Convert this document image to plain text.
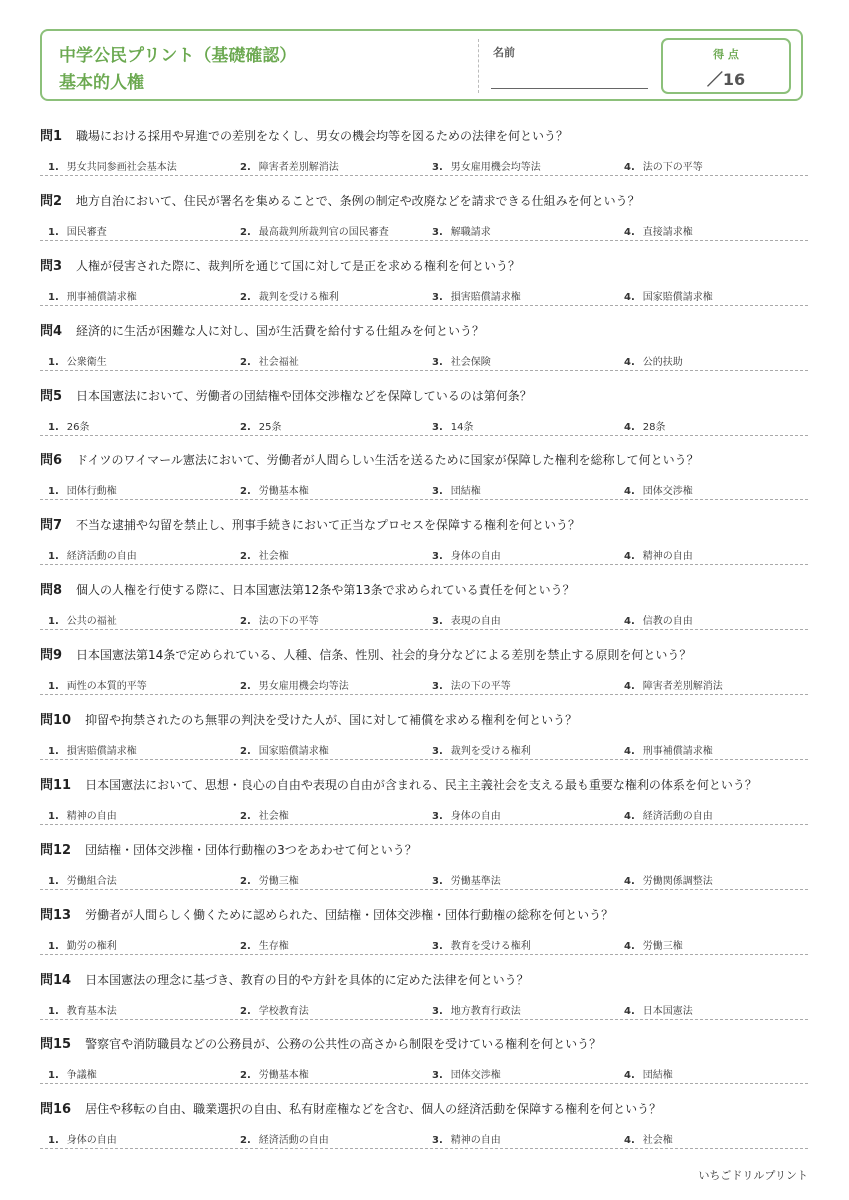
中学公民プリント（基礎確認）
基本的人権
名前	得 点
／16
問1 職場における採用や昇進での差別をなくし、男女の機会均等を図るための法律を何という？
1. 男女共同参画社会基本法	2. 障害者差別解消法	3. 男女雇用機会均等法	4. 法の下の平等
問2 地方自治において、住民が署名を集めることで、条例の制定や改廃などを請求できる仕組みを何という？
1. 国民審査	2. 最高裁判所裁判官の国民審査	3. 解職請求	4. 直接請求権
問3 人権が侵害された際に、裁判所を通じて国に対して是正を求める権利を何という？
1. 刑事補償請求権	2. 裁判を受ける権利	3. 損害賠償請求権	4. 国家賠償請求権
問4 経済的に生活が困難な人に対し、国が生活費を給付する仕組みを何という？
1. 公衆衛生	2. 社会福祉	3. 社会保険	4. 公的扶助
問5 日本国憲法において、労働者の団結権や団体交渉権などを保障しているのは第何条？
1. 26条	2. 25条	3. 14条	4. 28条
問6 ドイツのワイマール憲法において、労働者が人間らしい生活を送るために国家が保障した権利を総称して何という？
1. 団体行動権	2. 労働基本権	3. 団結権	4. 団体交渉権
問7 不当な逮捕や勾留を禁止し、刑事手続きにおいて正当なプロセスを保障する権利を何という？
1. 経済活動の自由	2. 社会権	3. 身体の自由	4. 精神の自由
問8 個人の人権を行使する際に、日本国憲法第12条や第13条で求められている責任を何という？
1. 公共の福祉	2. 法の下の平等	3. 表現の自由	4. 信教の自由
問9 日本国憲法第14条で定められている、人種、信条、性別、社会的身分などによる差別を禁止する原則を何という？
1. 両性の本質的平等	2. 男女雇用機会均等法	3. 法の下の平等	4. 障害者差別解消法
問10 抑留や拘禁されたのち無罪の判決を受けた人が、国に対して補償を求める権利を何という？
1. 損害賠償請求権	2. 国家賠償請求権	3. 裁判を受ける権利	4. 刑事補償請求権
問11 日本国憲法において、思想・良心の自由や表現の自由が含まれる、民主主義社会を支える最も重要な権利の体系を何という？
1. 精神の自由	2. 社会権	3. 身体の自由	4. 経済活動の自由
問12 団結権・団体交渉権・団体行動権の3つをあわせて何という？
1. 労働組合法	2. 労働三権	3. 労働基準法	4. 労働関係調整法
問13 労働者が人間らしく働くために認められた、団結権・団体交渉権・団体行動権の総称を何という？
1. 勤労の権利	2. 生存権	3. 教育を受ける権利	4. 労働三権
問14 日本国憲法の理念に基づき、教育の目的や方針を具体的に定めた法律を何という？
1. 教育基本法	2. 学校教育法	3. 地方教育行政法	4. 日本国憲法
問15 警察官や消防職員などの公務員が、公務の公共性の高さから制限を受けている権利を何という？
1. 争議権	2. 労働基本権	3. 団体交渉権	4. 団結権
問16 居住や移転の自由、職業選択の自由、私有財産権などを含む、個人の経済活動を保障する権利を何という？
1. 身体の自由	2. 経済活動の自由	3. 精神の自由	4. 社会権
いちごドリルプリント
